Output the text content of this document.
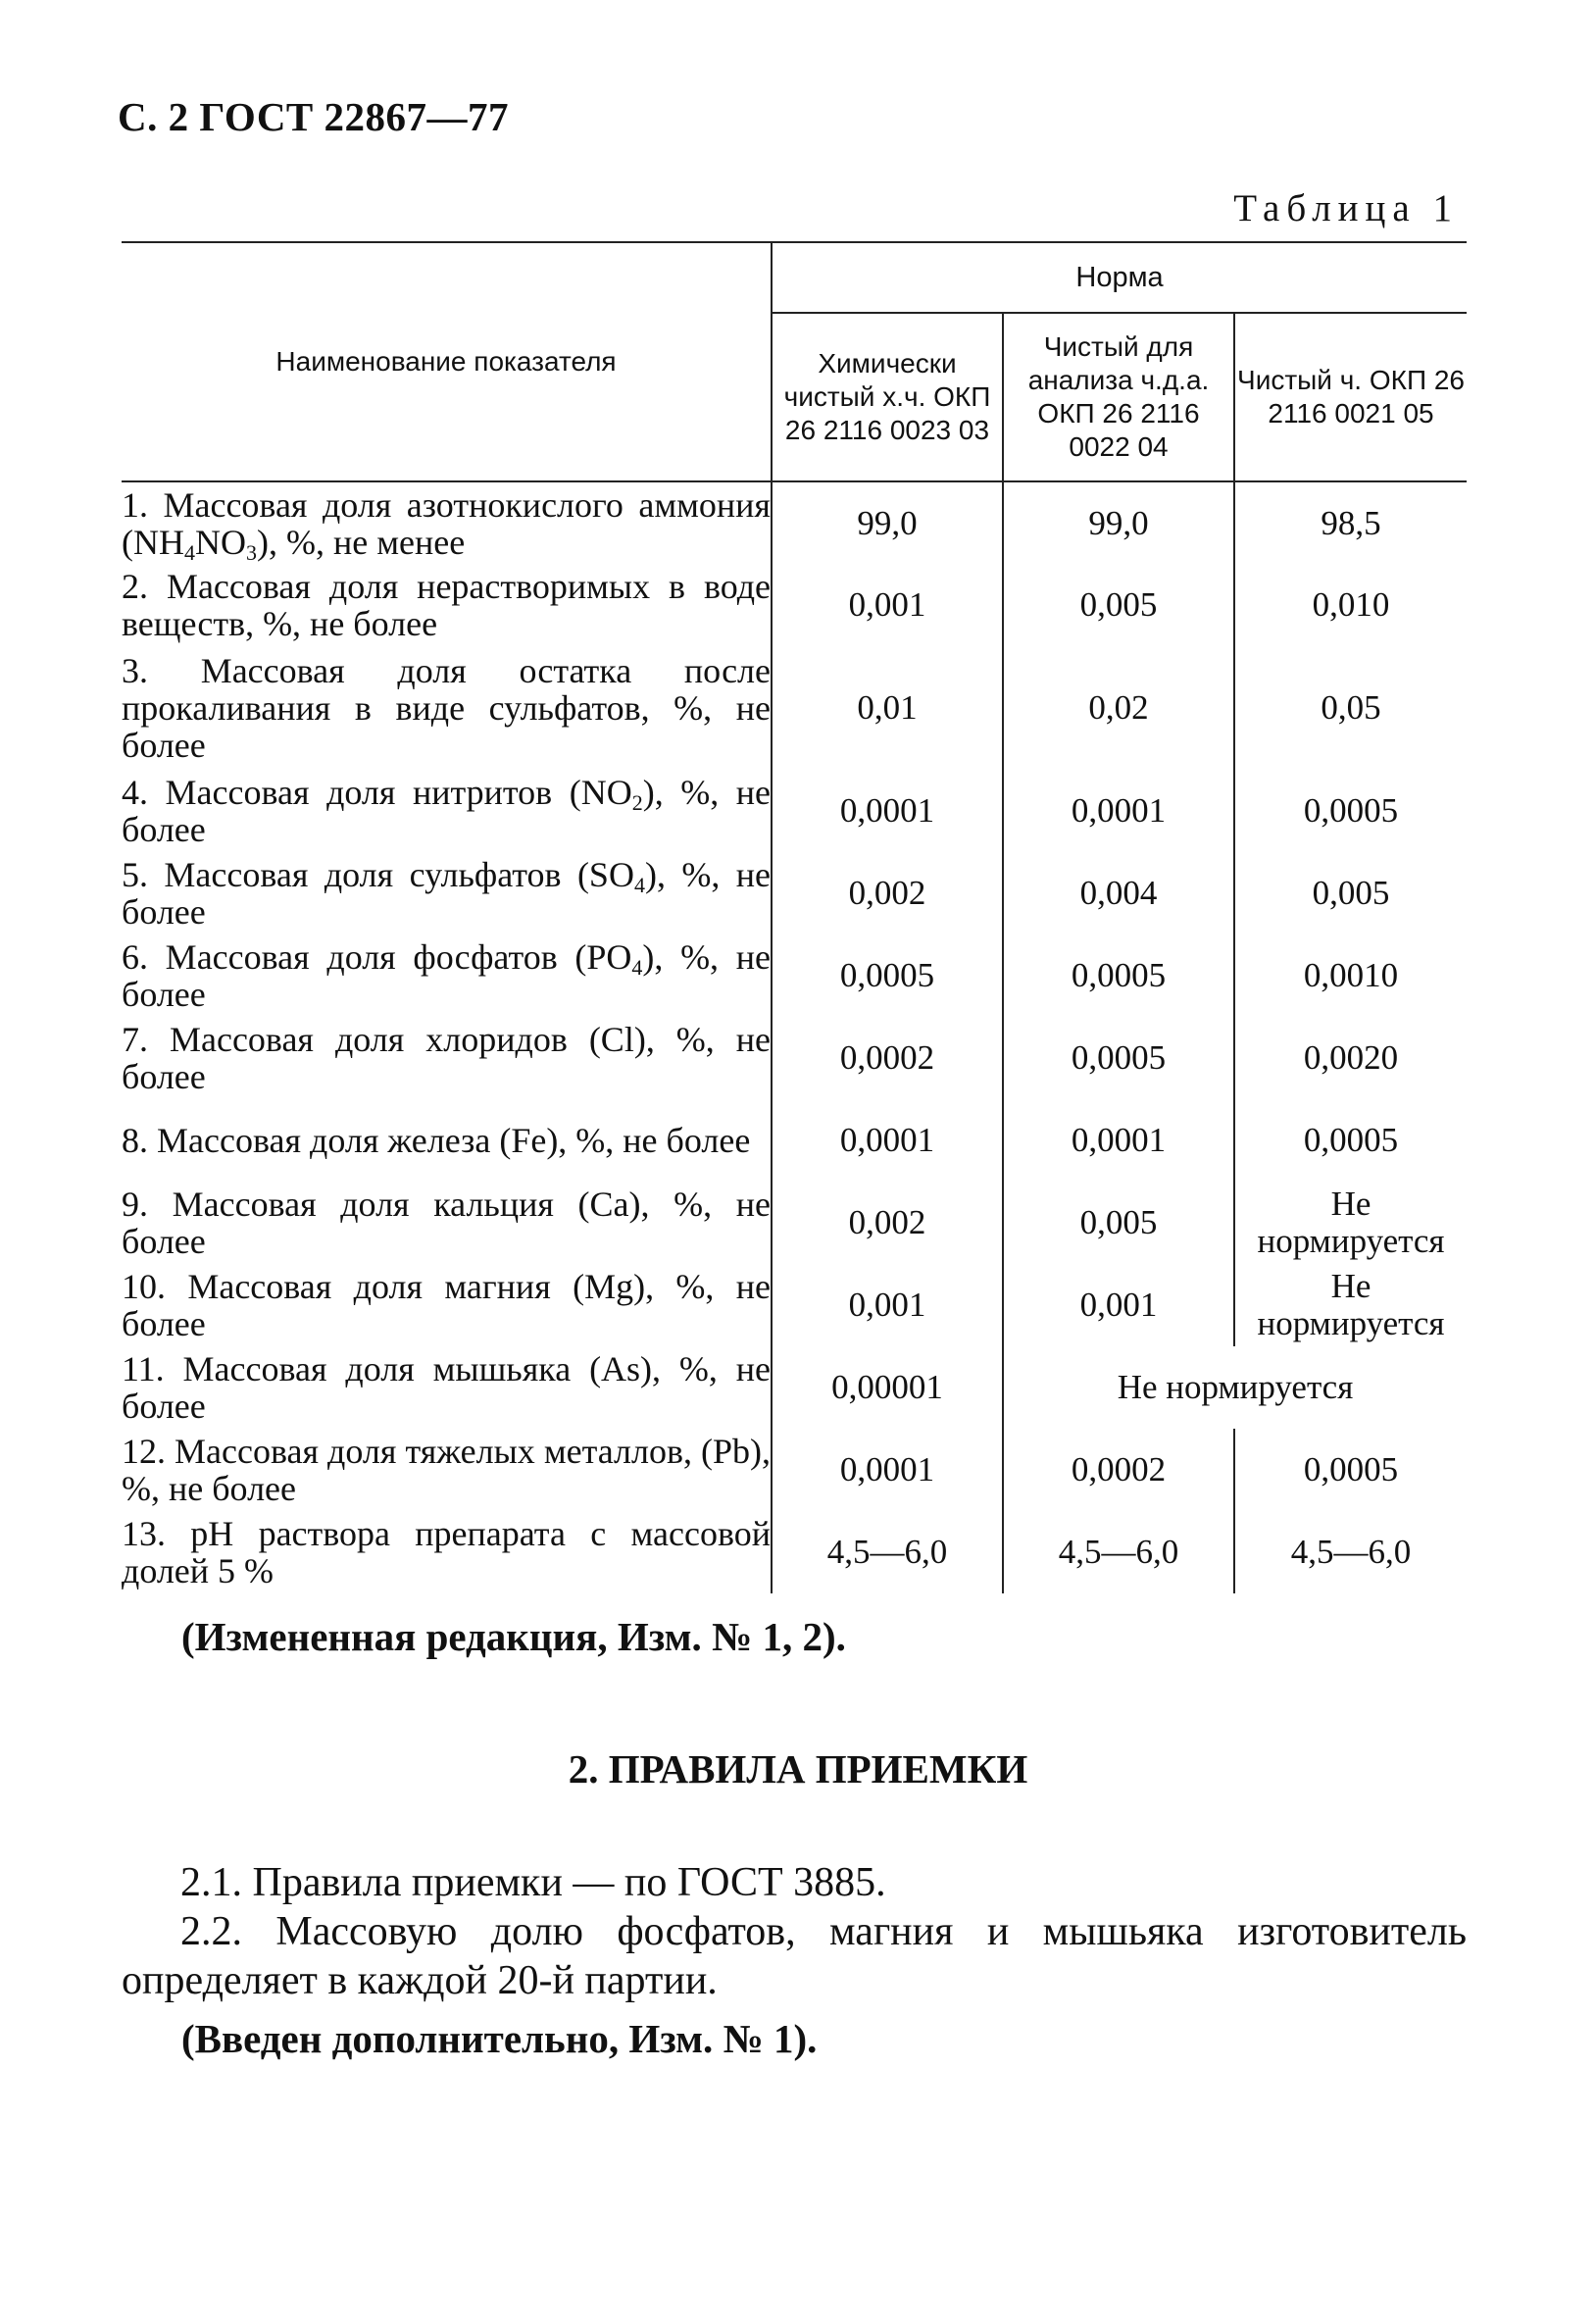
С. 2 ГОСТ 22867—77
Таблица 1
Наименование показателя	Норма		
	Химически чистый х.ч. ОКП 26 2116 0023 03	Чистый для анализа ч.д.а. ОКП 26 2116 0022 04	Чистый ч. ОКП 26 2116 0021 05
1. Массовая доля азотнокислого аммония $(NH_4NO_3)$, %, не менее	99,0	99,0	98,5
2. Массовая доля нерастворимых в воде веществ, %, не более	0,001	0,005	0,010
3. Массовая доля остатка после прокаливания в виде сульфатов, %, не более	0,01	0,02	0,05
4. Массовая доля нитритов $(NO_2)$, %, не более	0,0001	0,0001	0,0005
5. Массовая доля сульфатов $(SO_4)$, %, не более	0,002	0,004	0,005
6. Массовая доля фосфатов $(PO_4)$, %, не более	0,0005	0,0005	0,0010
7. Массовая доля хлоридов (Cl), %, не более	0,0002	0,0005	0,0020
8. Массовая доля железа (Fe), %, не более	0,0001	0,0001	0,0005
9. Массовая доля кальция (Ca), %, не более	0,002	0,005	Не нормируется
10. Массовая доля магния (Mg), %, не более	0,001	0,001	Не нормируется
11. Массовая доля мышьяка (As), %, не более	0,00001	Не нормируется	
12. Массовая доля тяжелых металлов, (Pb), %, не более	0,0001	0,0002	0,0005
13. pH раствора препарата с массовой долей 5 %	4,5—6,0	4,5—6,0	4,5—6,0
(Измененная редакция, Изм. № 1, 2).
2. ПРАВИЛА ПРИЕМКИ
2.1. Правила приемки — по ГОСТ 3885.
2.2. Массовую долю фосфатов, магния и мышьяка изготовитель определяет в каждой 20-й партии.
(Введен дополнительно, Изм. № 1).
